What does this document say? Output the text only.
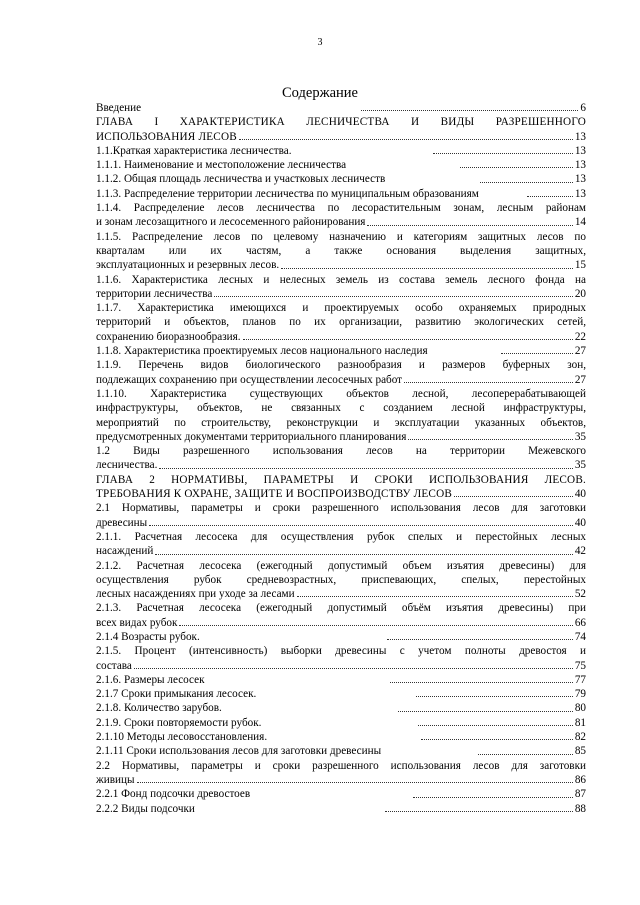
3
Содержание
Введение	6
ГЛАВА I ХАРАКТЕРИСТИКА ЛЕСНИЧЕСТВА И ВИДЫ РАЗРЕШЕННОГО
ИСПОЛЬЗОВАНИЯ ЛЕСОВ	13
1.1.Краткая характеристика лесничества.	13
1.1.1. Наименование и местоположение лесничества	13
1.1.2. Общая площадь лесничества и участковых лесничеств	13
1.1.3. Распределение территории лесничества по муниципальным образованиям	13
1.1.4. Распределение лесов лесничества по лесорастительным зонам, лесным районам
и зонам лесозащитного и лесосеменного районирования	14
1.1.5. Распределение лесов по целевому назначению и категориям защитных лесов по
кварталам или их частям, а также основания выделения защитных,
эксплуатационных и резервных лесов.	15
1.1.6. Характеристика лесных и нелесных земель из состава земель лесного фонда на
территории лесничества	20
1.1.7. Характеристика имеющихся и проектируемых особо охраняемых природных
территорий и объектов, планов по их организации, развитию экологических сетей,
сохранению биоразнообразия.	22
1.1.8. Характеристика проектируемых лесов национального наследия	27
1.1.9. Перечень видов биологического разнообразия и размеров буферных зон,
подлежащих сохранению при осуществлении лесосечных работ	27
1.1.10. Характеристика существующих объектов лесной, лесоперерабатывающей
инфраструктуры, объектов, не связанных с созданием лесной инфраструктуры,
мероприятий по строительству, реконструкции и эксплуатации указанных объектов,
предусмотренных документами территориального планирования	35
1.2 Виды разрешенного использования лесов на территории Межевского
лесничества.	35
ГЛАВА 2 НОРМАТИВЫ, ПАРАМЕТРЫ И СРОКИ ИСПОЛЬЗОВАНИЯ ЛЕСОВ.
ТРЕБОВАНИЯ К ОХРАНЕ, ЗАЩИТЕ И ВОСПРОИЗВОДСТВУ ЛЕСОВ	40
2.1 Нормативы, параметры и сроки разрешенного использования лесов для заготовки
древесины	40
2.1.1. Расчетная лесосека для осуществления рубок спелых и перестойных лесных
насаждений	42
2.1.2. Расчетная лесосека (ежегодный допустимый объем изъятия древесины) для
осуществления рубок средневозрастных, приспевающих, спелых, перестойных
лесных насаждениях при уходе за лесами	52
2.1.3. Расчетная лесосека (ежегодный допустимый объём изъятия древесины) при
всех видах рубок	66
2.1.4 Возрасты рубок.	74
2.1.5. Процент (интенсивность) выборки древесины с учетом полноты древостоя и
состава	75
2.1.6. Размеры лесосек	77
2.1.7 Сроки примыкания лесосек.	79
2.1.8. Количество зарубов.	80
2.1.9. Сроки повторяемости рубок.	81
2.1.10 Методы лесовосстановления.	82
2.1.11 Сроки использования лесов для заготовки древесины	85
2.2 Нормативы, параметры и сроки разрешенного использования лесов для заготовки
живицы	86
2.2.1 Фонд подсочки древостоев	87
2.2.2 Виды подсочки	88
